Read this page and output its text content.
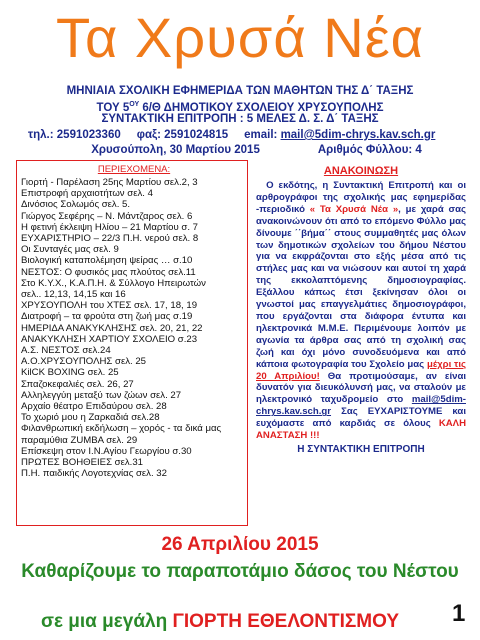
Τα Χρυσά Νέα
ΜΗΝΙΑΙΑ ΣΧΟΛΙΚΗ ΕΦΗΜΕΡΙΔΑ ΤΩΝ ΜΑΘΗΤΩΝ ΤΗΣ Δ΄ ΤΑΞΗΣ
ΤΟΥ $5^{O\Upsilon}$ 6/Θ ΔΗΜΟΤΙΚΟΥ ΣΧΟΛΕΙΟΥ ΧΡΥΣΟΥΠΟΛΗΣ
ΣΥΝΤΑΚΤΙΚΗ ΕΠΙΤΡΟΠΗ : 5 ΜΕΛΕΣ Δ. Σ. Δ΄ ΤΑΞΗΣ
τηλ.: 2591023360 φαξ: 2591024815 email: mail@5dim-chrys.kav.sch.gr
Χρυσούπολη, 30 Μαρτίου 2015	Αριθμός Φύλλου: 4
ΠΕΡΙΕΧΟΜΕΝΑ:
Γιορτή - Παρέλαση 25ης Μαρτίου σελ.2, 3
Επιστροφή αρχαιοτήτων σελ. 4
Δινόσιος Σολωμός σελ. 5.
Γιώργος Σεφέρης – Ν. Μάντζαρος σελ. 6
Η φετινή έκλειψη Ηλίου – 21 Μαρτίου σ. 7
ΕΥΧΑΡΙΣΤΗΡΙΟ – 22/3 Π.Η. νερού σελ. 8
Οι Συνταγές μας σελ. 9
Βιολογική καταπολέμηση ψείρας … σ.10
ΝΕΣΤΟΣ: Ο φυσικός μας πλούτος σελ.11
Στο Κ.Υ.Χ., Κ.Α.Π.Η. & Σύλλογο Ηπειρωτών
σελ.. 12,13, 14,15 και 16
ΧΡΥΣΟΥΠΟΛΗ του ΧΤΕΣ σελ. 17, 18, 19
Διατροφή – τα φρούτα στη ζωή μας σ.19
ΗΜΕΡΙΔΑ ΑΝΑΚΥΚΛΗΣΗΣ σελ. 20, 21, 22
ΑΝΑΚΥΚΛΗΣΗ ΧΑΡΤΙΟΥ ΣΧΟΛΕΙΟ σ.23
Α.Σ. ΝΕΣΤΟΣ σελ.24
Α.Ο.ΧΡΥΣΟΥΠΟΛΗΣ σελ. 25
KilCK BOXING σελ. 25
Σπαζοκεφαλιές σελ. 26, 27
Αλληλεγγύη μεταξύ των ζώων σελ. 27
Αρχαίο θέατρο Επιδαύρου σελ. 28
Το χωριό μου η Ζαρκαδιά σελ.28
Φιλανθρωπική εκδήλωση – χορός - τα δικά μας
παραμύθια ZUMBA σελ. 29
Επίσκεψη στον Ι.Ν.Αγίου Γεωργίου σ.30
ΠΡΩΤΕΣ ΒΟΗΘΕΙΕΣ σελ.31
Π.Η. παιδικής Λογοτεχνίας σελ. 32
ΑΝΑΚΟΙΝΩΣΗ
Ο εκδότης, η Συντακτική Επιτροπή και οι αρθρογράφοι της σχολικής μας εφημερίδας -περιοδικό « Τα Χρυσά Νέα », με χαρά σας ανακοινώνουν ότι από το επόμενο Φύλλο μας δίνουμε ΄΄βήμα΄΄ στους συμμαθητές μας όλων των δημοτικών σχολείων του δήμου Νέστου για να εκφράζονται στο εξής μέσα από τις στήλες μας και να νιώσουν και αυτοί τη χαρά της εκκολαπτόμενης δημοσιογραφίας. Εξάλλου κάπως έτσι ξεκίνησαν όλοι οι γνωστοί μας επαγγελμάτιες δημοσιογράφοι, που εργάζονται στα διάφορα έντυπα και ηλεκτρονικά Μ.Μ.Ε. Περιμένουμε λοιπόν με αγωνία τα άρθρα σας από τη σχολική σας ζωή και όχι μόνο συνοδευόμενα και από κάποια φωτογραφία του Σχολείο μας μέχρι τις 20 Απριλίου! Θα προτιμούσαμε, αν είναι δυνατόν για διευκόλυνσή μας, να σταλούν με ηλεκτρονικό ταχυδρομείο στο mail@5dim-chrys.kav.sch.gr Σας ΕΥΧΑΡΙΣΤΟΥΜΕ και ευχόμαστε από καρδιάς σε όλους ΚΑΛΗ ΑΝΑΣΤΑΣΗ !!!
Η ΣΥΝΤΑΚΤΙΚΗ ΕΠΙΤΡΟΠΗ
26 Απριλίου 2015
Καθαρίζουμε το παραποτάμιο δάσος του Νέστου
σε μια μεγάλη ΓΙΟΡΤΗ ΕΘΕΛΟΝΤΙΣΜΟΥ	1
